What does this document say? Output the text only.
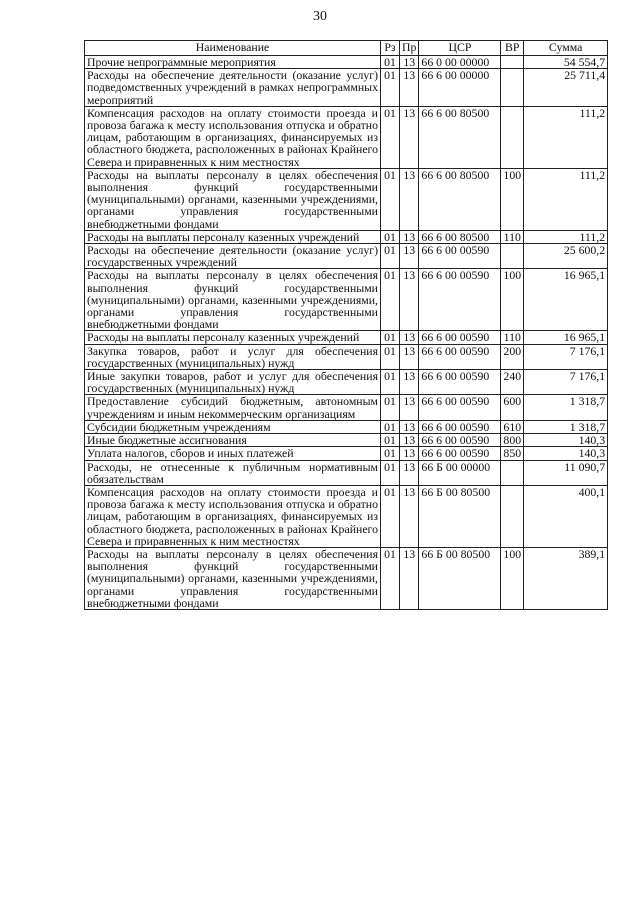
30
Наименование	Рз	Пр	ЦСР	ВР	Сумма
Прочие непрограммные мероприятия	01	13	66 0 00 00000		54 554,7
Расходы на обеспечение деятельности (оказание услуг) подведомственных учреждений в рамках непрограммных мероприятий	01	13	66 6 00 00000		25 711,4
Компенсация расходов на оплату стоимости проезда и провоза багажа к месту использования отпуска и обратно лицам, работающим в организациях, финансируемых из областного бюджета, расположенных в районах Крайнего Севера и приравненных к ним местностях	01	13	66 6 00 80500		111,2
Расходы на выплаты персоналу в целях обеспечения выполнения функций государственными (муниципальными) органами, казенными учреждениями, органами управления государственными внебюджетными фондами	01	13	66 6 00 80500	100	111,2
Расходы на выплаты персоналу казенных учреждений	01	13	66 6 00 80500	110	111,2
Расходы на обеспечение деятельности (оказание услуг) государственных учреждений	01	13	66 6 00 00590		25 600,2
Расходы на выплаты персоналу в целях обеспечения выполнения функций государственными (муниципальными) органами, казенными учреждениями, органами управления государственными внебюджетными фондами	01	13	66 6 00 00590	100	16 965,1
Расходы на выплаты персоналу казенных учреждений	01	13	66 6 00 00590	110	16 965,1
Закупка товаров, работ и услуг для обеспечения государственных (муниципальных) нужд	01	13	66 6 00 00590	200	7 176,1
Иные закупки товаров, работ и услуг для обеспечения государственных (муниципальных) нужд	01	13	66 6 00 00590	240	7 176,1
Предоставление субсидий бюджетным, автономным учреждениям и иным некоммерческим организациям	01	13	66 6 00 00590	600	1 318,7
Субсидии бюджетным учреждениям	01	13	66 6 00 00590	610	1 318,7
Иные бюджетные ассигнования	01	13	66 6 00 00590	800	140,3
Уплата налогов, сборов и иных платежей	01	13	66 6 00 00590	850	140,3
Расходы, не отнесенные к публичным нормативным обязательствам	01	13	66 Б 00 00000		11 090,7
Компенсация расходов на оплату стоимости проезда и провоза багажа к месту использования отпуска и обратно лицам, работающим в организациях, финансируемых из областного бюджета, расположенных в районах Крайнего Севера и приравненных к ним местностях	01	13	66 Б 00 80500		400,1
Расходы на выплаты персоналу в целях обеспечения выполнения функций государственными (муниципальными) органами, казенными учреждениями, органами управления государственными внебюджетными фондами	01	13	66 Б 00 80500	100	389,1
